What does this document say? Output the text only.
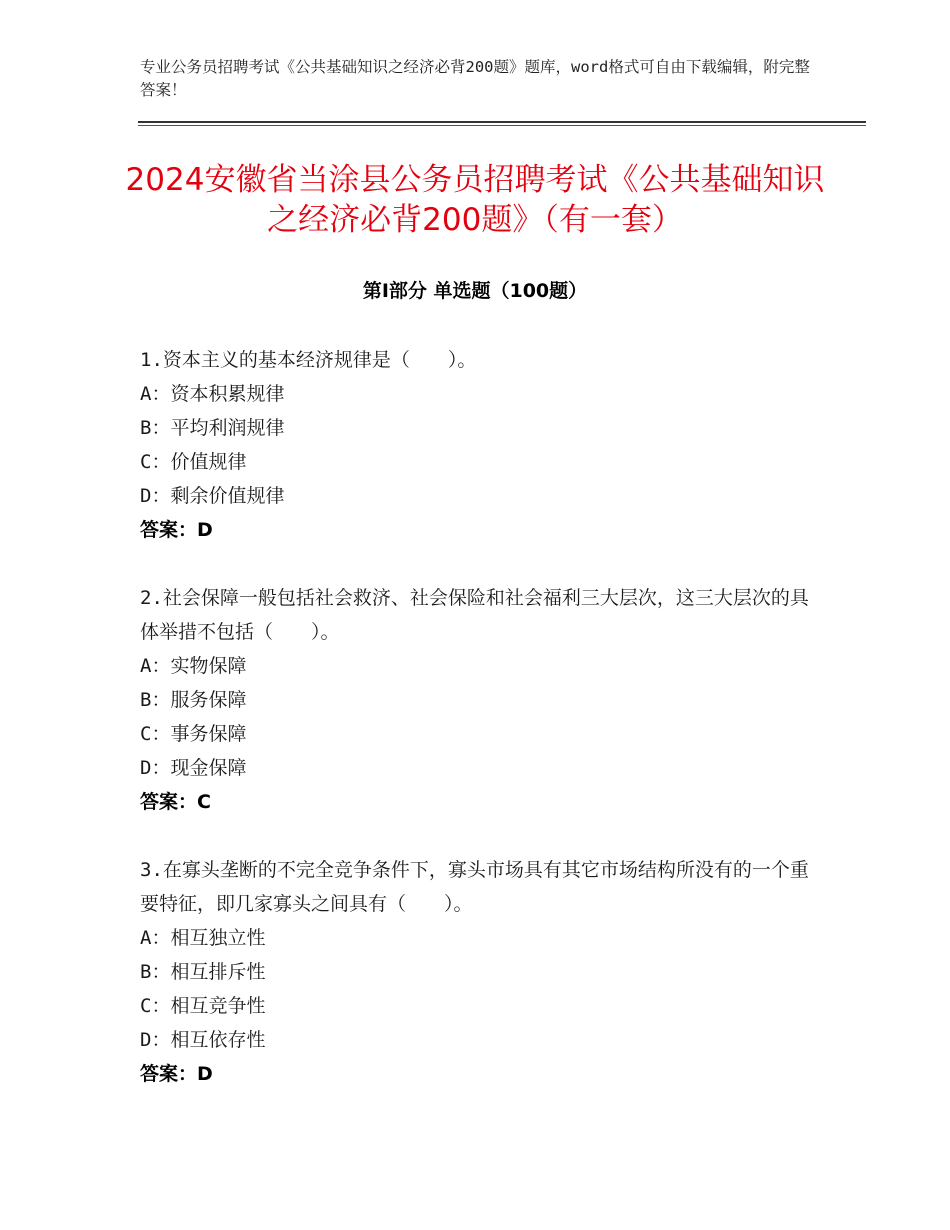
专业公务员招聘考试《公共基础知识之经济必背200题》题库，word格式可自由下载编辑，附完整答案！
2024安徽省当涂县公务员招聘考试《公共基础知识之经济必背200题》（有一套）
第Ⅰ部分 单选题（100题）

1.资本主义的基本经济规律是（　　）。

A：资本积累规律

B：平均利润规律

C：价值规律

D：剩余价值规律

答案：D

2.社会保障一般包括社会救济、社会保险和社会福利三大层次，这三大层次的具体举措不包括（　　）。

A：实物保障

B：服务保障

C：事务保障

D：现金保障

答案：C

3.在寡头垄断的不完全竞争条件下，寡头市场具有其它市场结构所没有的一个重要特征，即几家寡头之间具有（　　）。

A：相互独立性

B：相互排斥性

C：相互竞争性

D：相互依存性

答案：D
